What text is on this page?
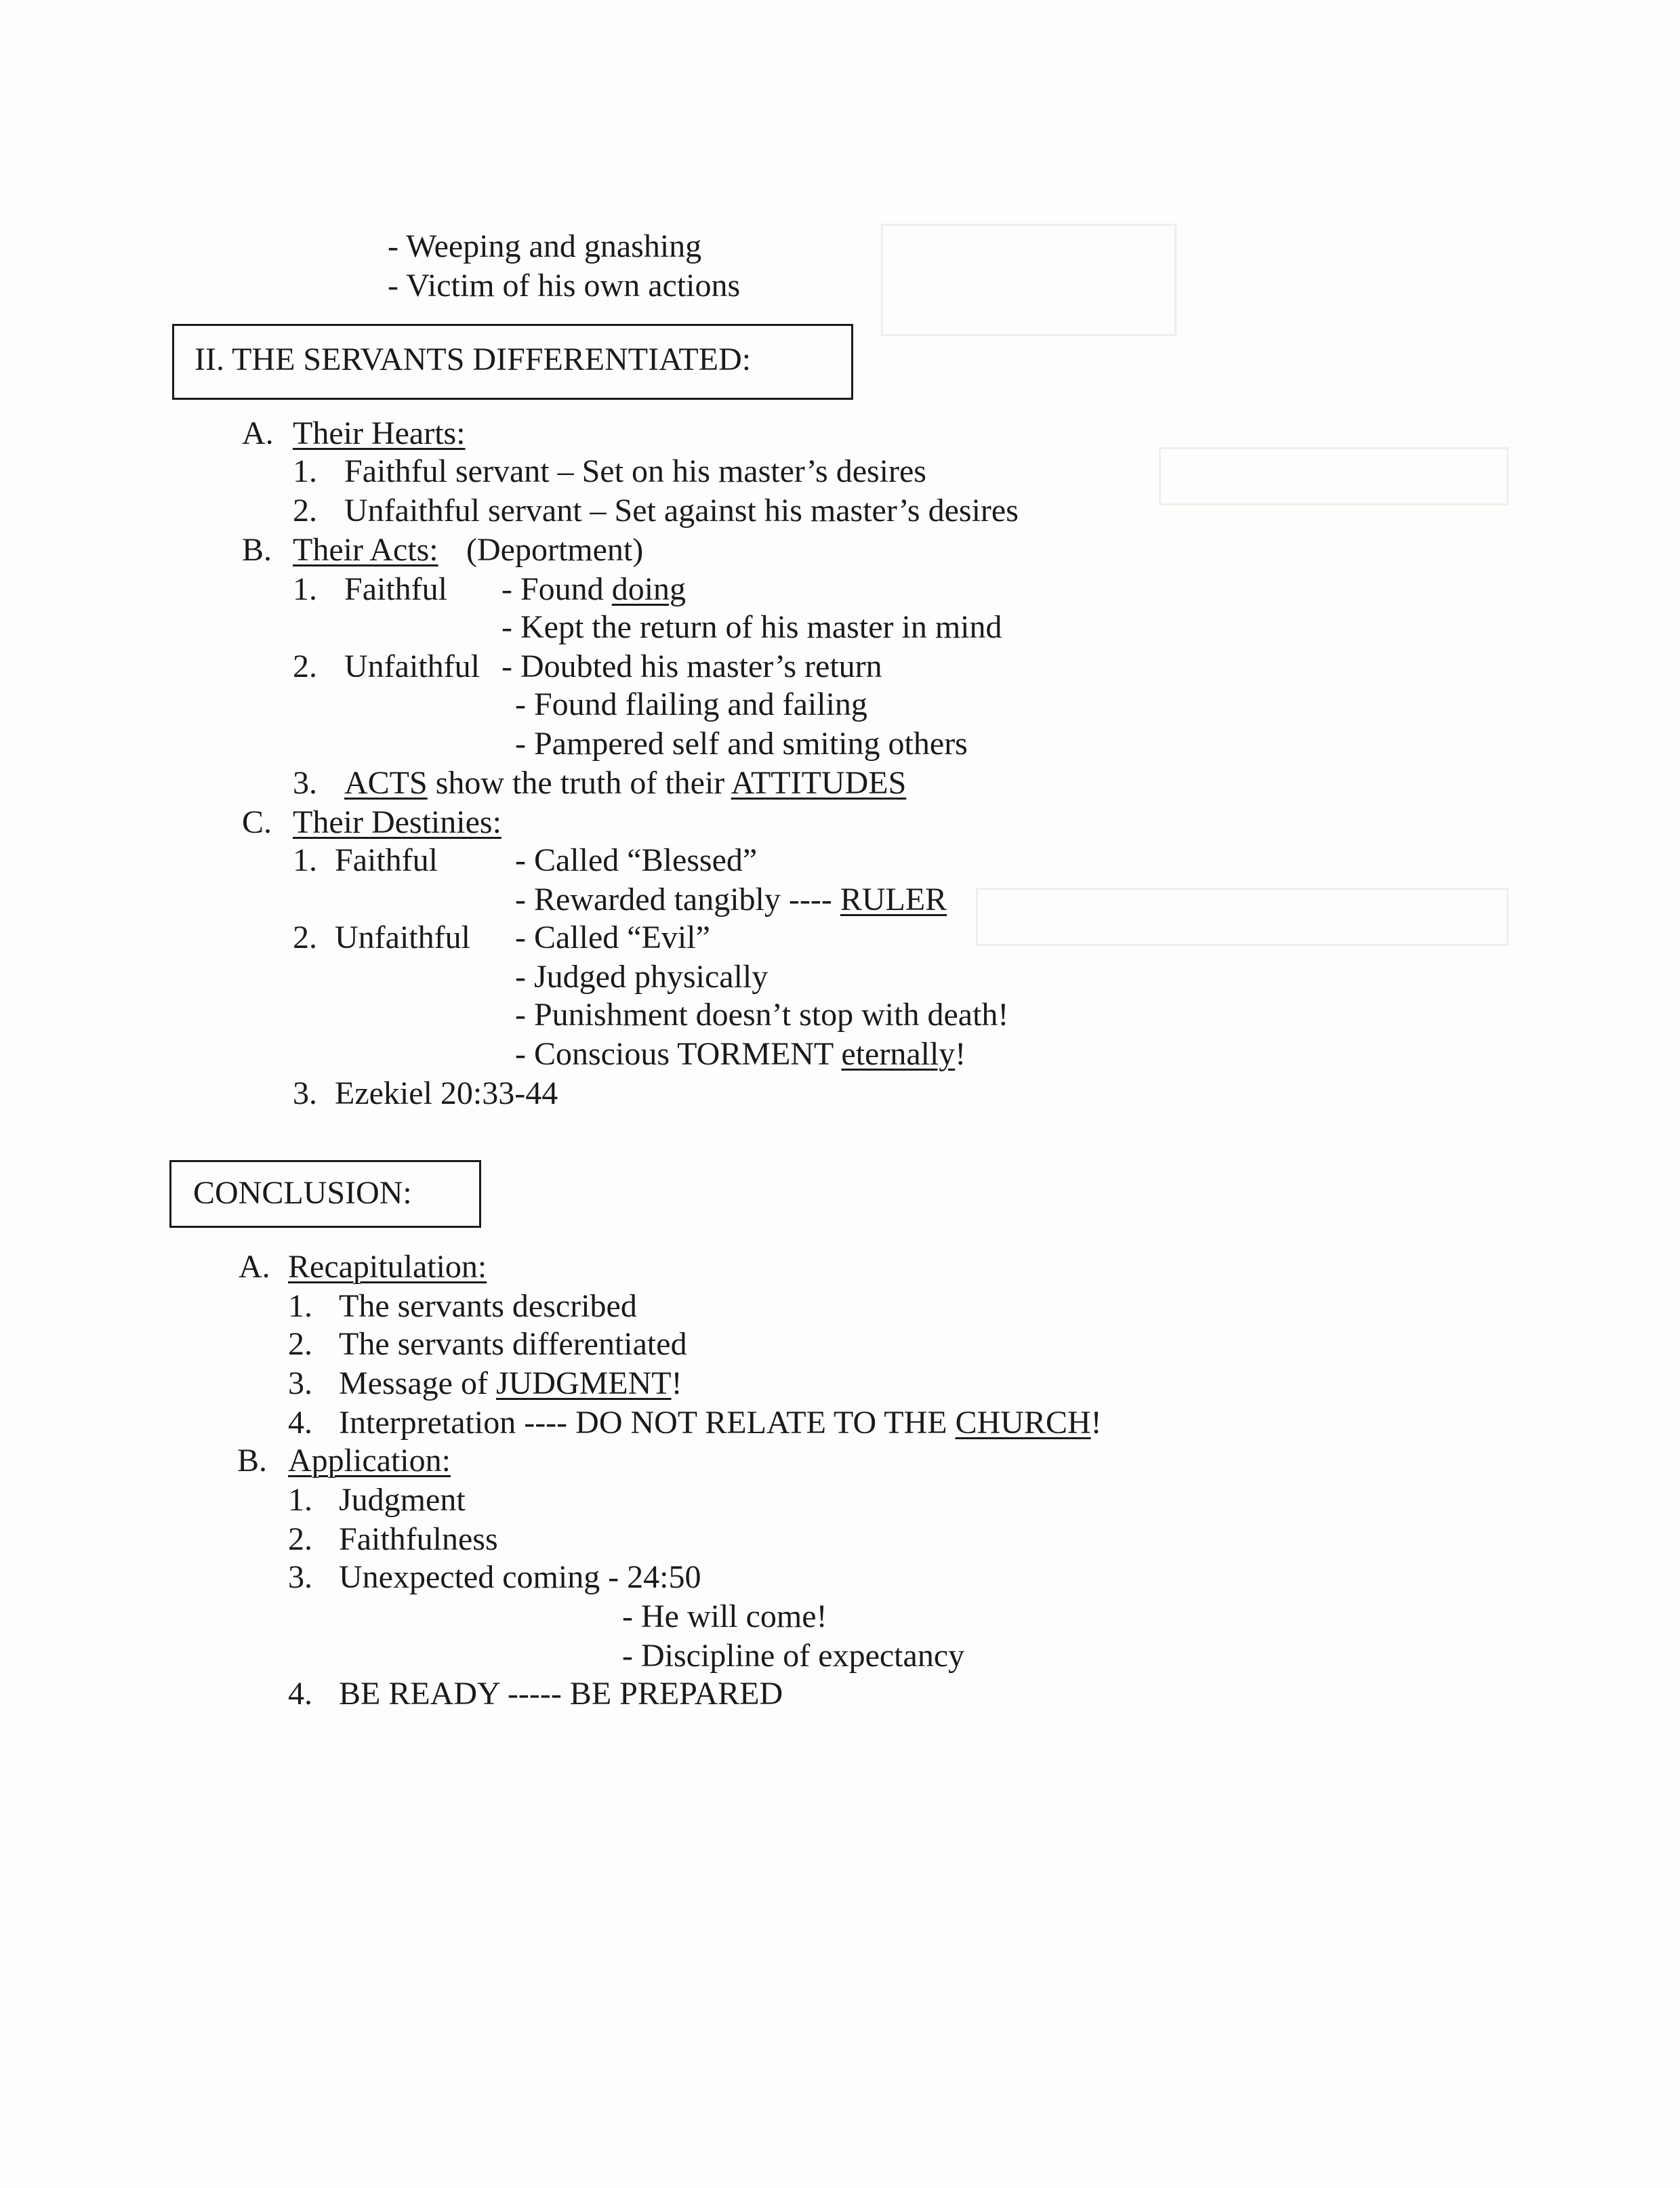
- Weeping and gnashing
- Victim of his own actions
II. THE SERVANTS DIFFERENTIATED:
A. Their Hearts:
1. Faithful servant – Set on his master’s desires
2. Unfaithful servant – Set against his master’s desires
B. Their Acts: (Deportment)
1. Faithful - Found doing
- Kept the return of his master in mind
2. Unfaithful - Doubted his master’s return
- Found flailing and failing
- Pampered self and smiting others
3. ACTS show the truth of their ATTITUDES
C. Their Destinies:
1. Faithful - Called “Blessed”
- Rewarded tangibly ---- RULER
2. Unfaithful - Called “Evil”
- Judged physically
- Punishment doesn’t stop with death!
- Conscious TORMENT eternally!
3. Ezekiel 20:33-44
CONCLUSION:
A. Recapitulation:
1. The servants described
2. The servants differentiated
3. Message of JUDGMENT!
4. Interpretation ---- DO NOT RELATE TO THE CHURCH!
B. Application:
1. Judgment
2. Faithfulness
3. Unexpected coming - 24:50
- He will come!
- Discipline of expectancy
4. BE READY ----- BE PREPARED
